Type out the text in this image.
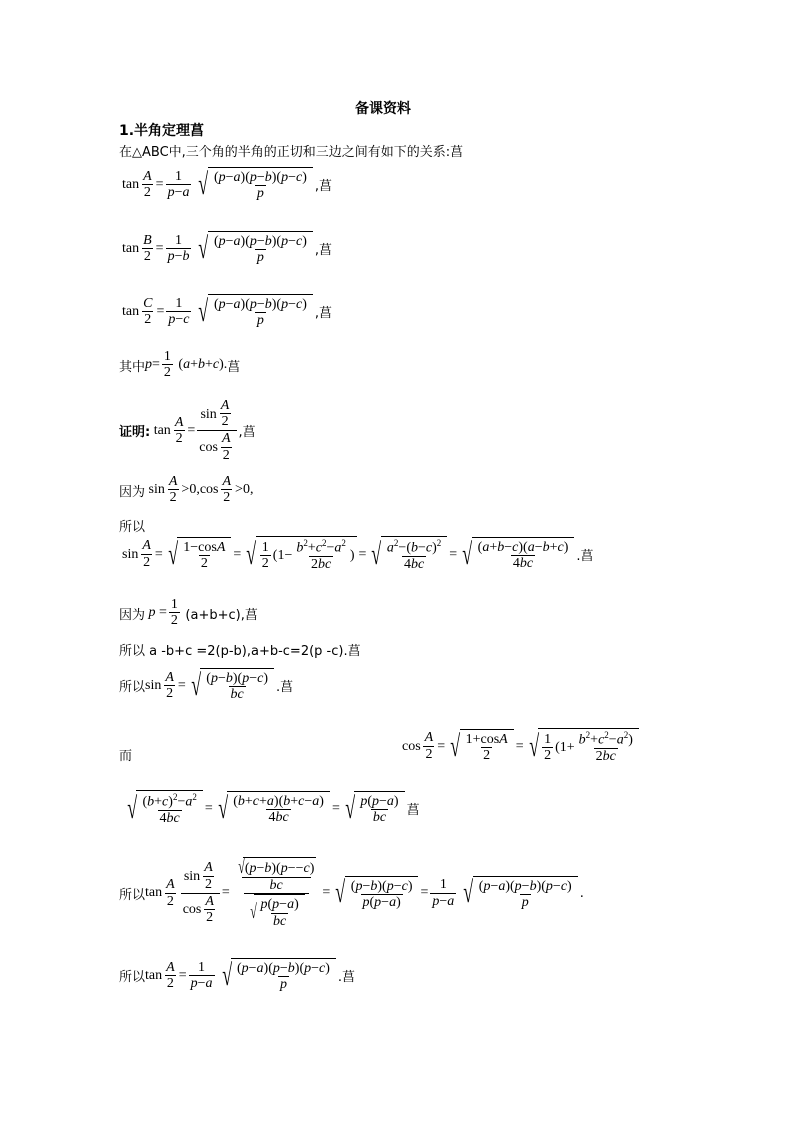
备课资料
1.半角定理菖
在△ABC中,三个角的半角的正切和三边之间有如下的关系:菖
$\tan \frac{A}{2} = \frac{1}{p-a}$ √ $\frac{(p-a)(p-b)(p-c)}{p}$ ,菖
$\tan \frac{B}{2} = \frac{1}{p-b}$ √ $\frac{(p-a)(p-b)(p-c)}{p}$ ,菖
$\tan \frac{C}{2} = \frac{1}{p-c}$ √ $\frac{(p-a)(p-b)(p-c)}{p}$ ,菖
其中 $p = \frac{1}{2} (a+b+c)$. 菖
证明: $\tan \frac{A}{2} = \frac{\sin \frac{A}{2}}{\cos \frac{A}{2}}$ ,菖
因为 $\sin \frac{A}{2} >0,\cos \frac{A}{2} >0$,
所以
$\sin \frac{A}{2}$ = √ $\frac{1-\cos A}{2}$ = √ $\frac{1}{2} (1- \frac{b^2+c^2-a^2}{2bc}$ ) = √ $\frac{a^2-(b-c)^2}{4bc}$ = √ $\frac{(a+b-c)(a-b+c)}{4bc}$ .菖
因为 $p = \frac{1}{2}$
(a+b+c),菖
所以 a -b+c =2(p-b),a+b-c=2(p -c).菖
所以 $\sin \frac{A}{2}$ = √ $\frac{(p-b)(p-c)}{bc}$ .菖
而
$\cos \frac{A}{2}$ = √ $\frac{1+\cos A}{2}$ = √ $\frac{1}{2} (1+ \frac{b^2+c^2-a^2)}{2bc}$
√ $\frac{(b+c)^2-a^2}{4bc}$ = √ $\frac{(b+c+a)(b+c-a)}{4bc}$ = √ $\frac{p(p-a)}{bc}$ 菖
所以 $\tan \frac{A}{2} \frac{\sin \frac{A}{2}}{\cos \frac{A}{2}} = \frac{√ ( p - b )( p -- c )}{\frac{bc}{√ \frac{p(p-a)}{bc}}}$ = √ $\frac{(p-b)(p-c)}{p(p-a)} = \frac{1}{p-a}$ √ $\frac{(p-a)(p-b)(p-c)}{p}$ .
所以 $\tan \frac{A}{2} = \frac{1}{p-a}$ √ $\frac{(p-a)(p-b)(p-c)}{p}$ .菖
